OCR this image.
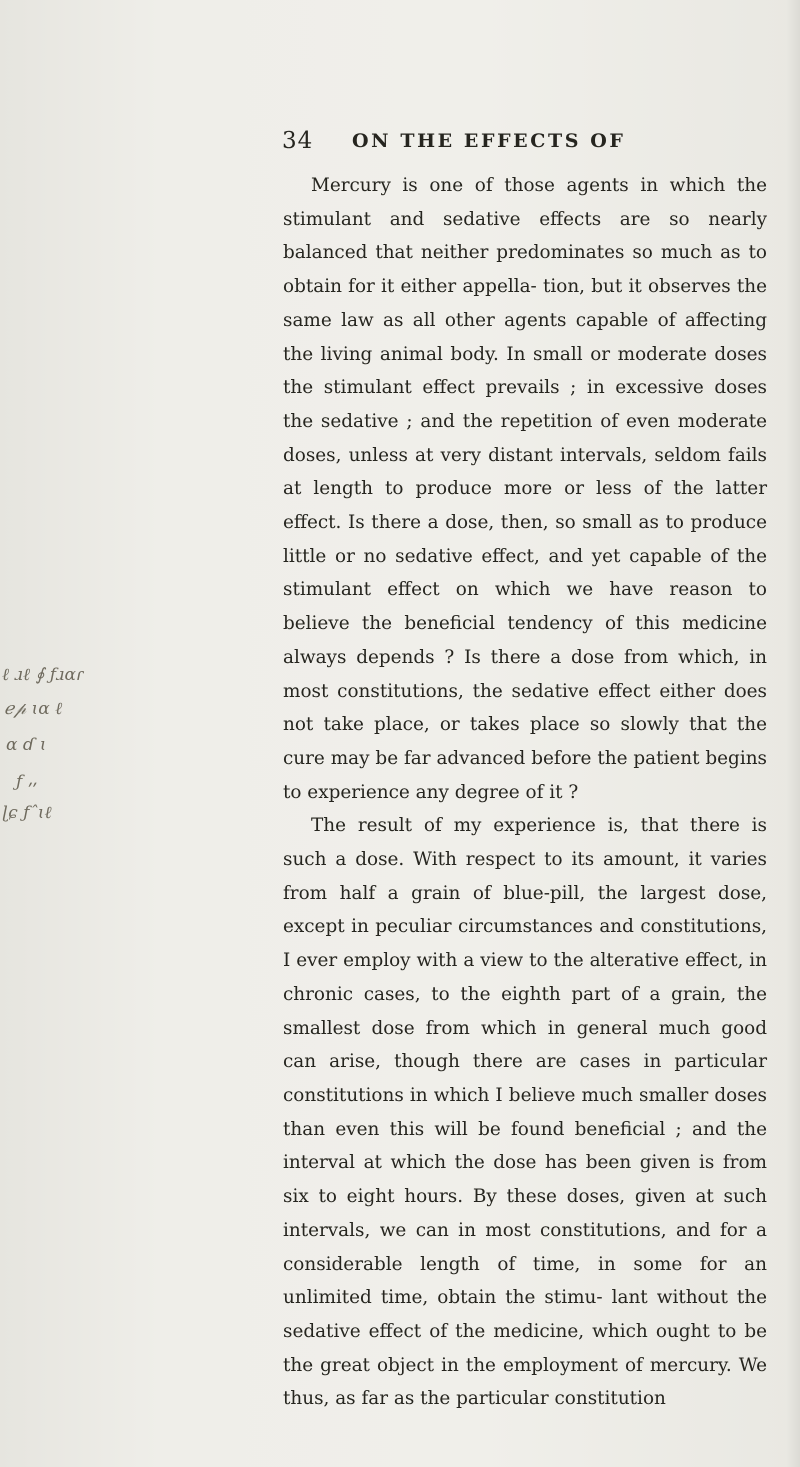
ℓ ɹℓ ∮ ƒɹɑɾ
ℯ𝓅 ɩɑ ℓ
ɑ ɗ ɩ
ƒ ⸴⸴
ɭɕ ƒˆɩℓ
34 ON THE EFFECTS OF

Mercury is one of those agents in which the stimulant and sedative effects are so nearly balanced that neither predominates so much as to obtain for it either appella- tion, but it observes the same law as all other agents capable of affecting the living animal body. In small or moderate doses the stimulant effect prevails ; in excessive doses the sedative ; and the repetition of even moderate doses, unless at very distant intervals, seldom fails at length to produce more or less of the latter effect. Is there a dose, then, so small as to produce little or no sedative effect, and yet capable of the stimulant effect on which we have reason to believe the beneficial tendency of this medicine always depends ? Is there a dose from which, in most constitutions, the sedative effect either does not take place, or takes place so slowly that the cure may be far advanced before the patient begins to experience any degree of it ?

The result of my experience is, that there is such a dose. With respect to its amount, it varies from half a grain of blue-pill, the largest dose, except in peculiar circumstances and constitutions, I ever employ with a view to the alterative effect, in chronic cases, to the eighth part of a grain, the smallest dose from which in general much good can arise, though there are cases in particular constitutions in which I believe much smaller doses than even this will be found beneficial ; and the interval at which the dose has been given is from six to eight hours. By these doses, given at such intervals, we can in most constitutions, and for a considerable length of time, in some for an unlimited time, obtain the stimu- lant without the sedative effect of the medicine, which ought to be the great object in the employment of mercury. We thus, as far as the particular constitution
